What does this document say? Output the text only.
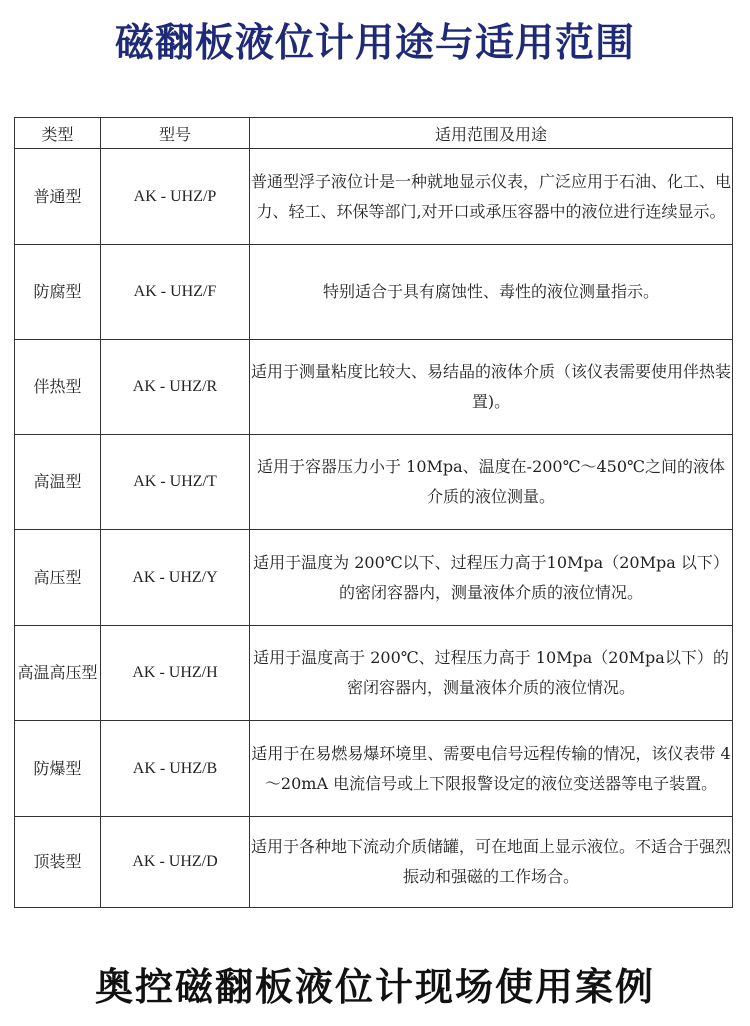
磁翻板液位计用途与适用范围
类型	型号	适用范围及用途
普通型	AK - UHZ/P	普通型浮子液位计是一种就地显示仪表，广泛应用于石油、化工、电力、轻工、环保等部门,对开口或承压容器中的液位进行连续显示。
防腐型	AK - UHZ/F	特别适合于具有腐蚀性、毒性的液位测量指示。
伴热型	AK - UHZ/R	适用于测量粘度比较大、易结晶的液体介质（该仪表需要使用伴热装置)。
高温型	AK - UHZ/T	适用于容器压力小于 10Mpa、温度在-200℃～450℃之间的液体介质的液位测量。
高压型	AK - UHZ/Y	适用于温度为 200℃以下、过程压力高于10Mpa（20Mpa 以下）的密闭容器内，测量液体介质的液位情况。
高温高压型	AK - UHZ/H	适用于温度高于 200℃、过程压力高于 10Mpa（20Mpa以下）的密闭容器内，测量液体介质的液位情况。
防爆型	AK - UHZ/B	适用于在易燃易爆环境里、需要电信号远程传输的情况，该仪表带 4～20mA 电流信号或上下限报警设定的液位变送器等电子装置。
顶装型	AK - UHZ/D	适用于各种地下流动介质储罐，可在地面上显示液位。不适合于强烈振动和强磁的工作场合。
奥控磁翻板液位计现场使用案例
